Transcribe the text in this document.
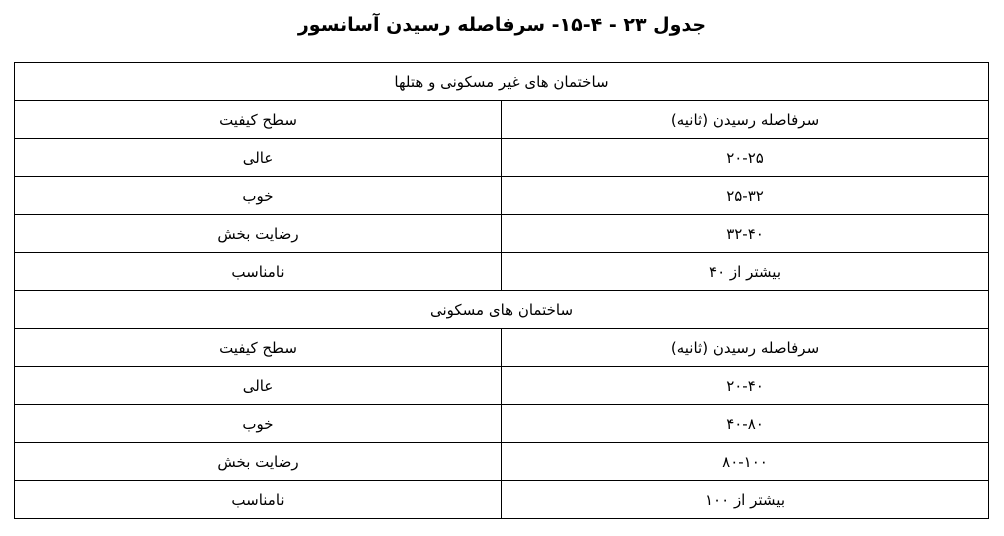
جدول ۲۳ - ۴-۱۵- سرفاصله رسیدن آسانسور
ساختمان های غیر مسکونی و هتلها	
سرفاصله رسیدن (ثانیه)	سطح کیفیت
۲۰-۲۵	عالی
۲۵-۳۲	خوب
۳۲-۴۰	رضایت بخش
بیشتر از ۴۰	نامناسب
ساختمان های مسکونی	
سرفاصله رسیدن (ثانیه)	سطح کیفیت
۲۰-۴۰	عالی
۴۰-۸۰	خوب
۸۰-۱۰۰	رضایت بخش
بیشتر از ۱۰۰	نامناسب
